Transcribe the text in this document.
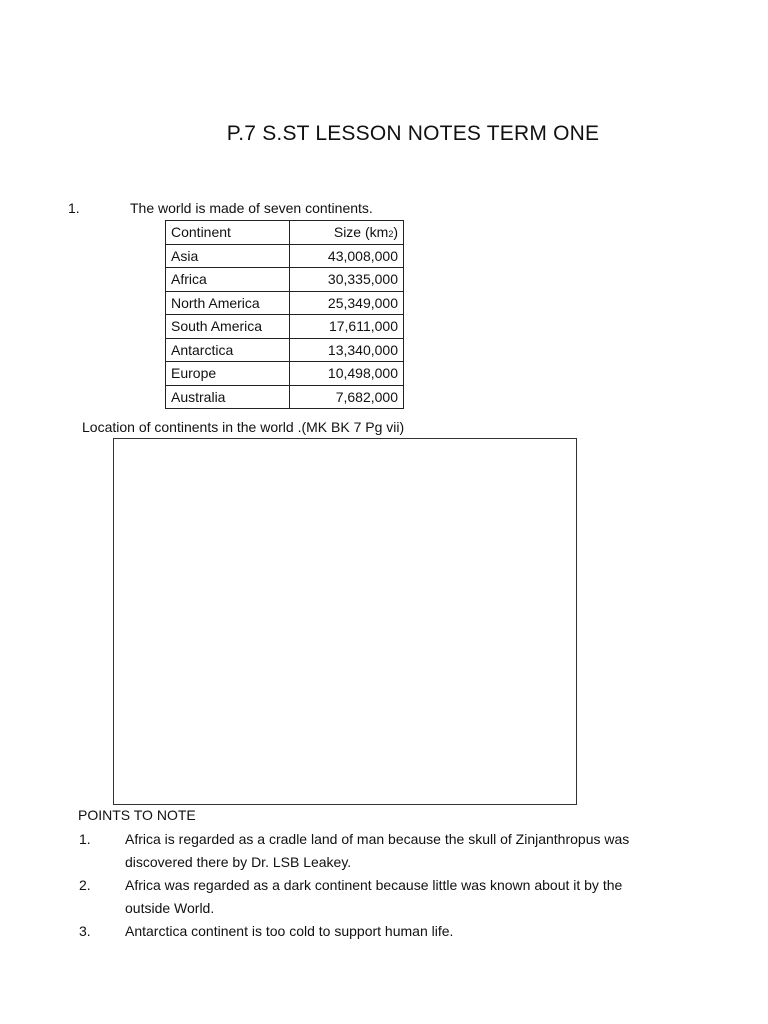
P.7 S.ST LESSON NOTES TERM ONE
1.	The world is made of seven continents.
Continent	Size (km2)
Asia	43,008,000
Africa	30,335,000
North America	25,349,000
South America	17,611,000
Antarctica	13,340,000
Europe	10,498,000
Australia	7,682,000
Location of continents in the world .(MK BK 7 Pg vii)
POINTS TO NOTE
1. Africa is regarded as a cradle land of man because the skull of Zinjanthropus was
discovered there by Dr. LSB Leakey.
2. Africa was regarded as a dark continent because little was known about it by the
outside World.
3. Antarctica continent is too cold to support human life.
